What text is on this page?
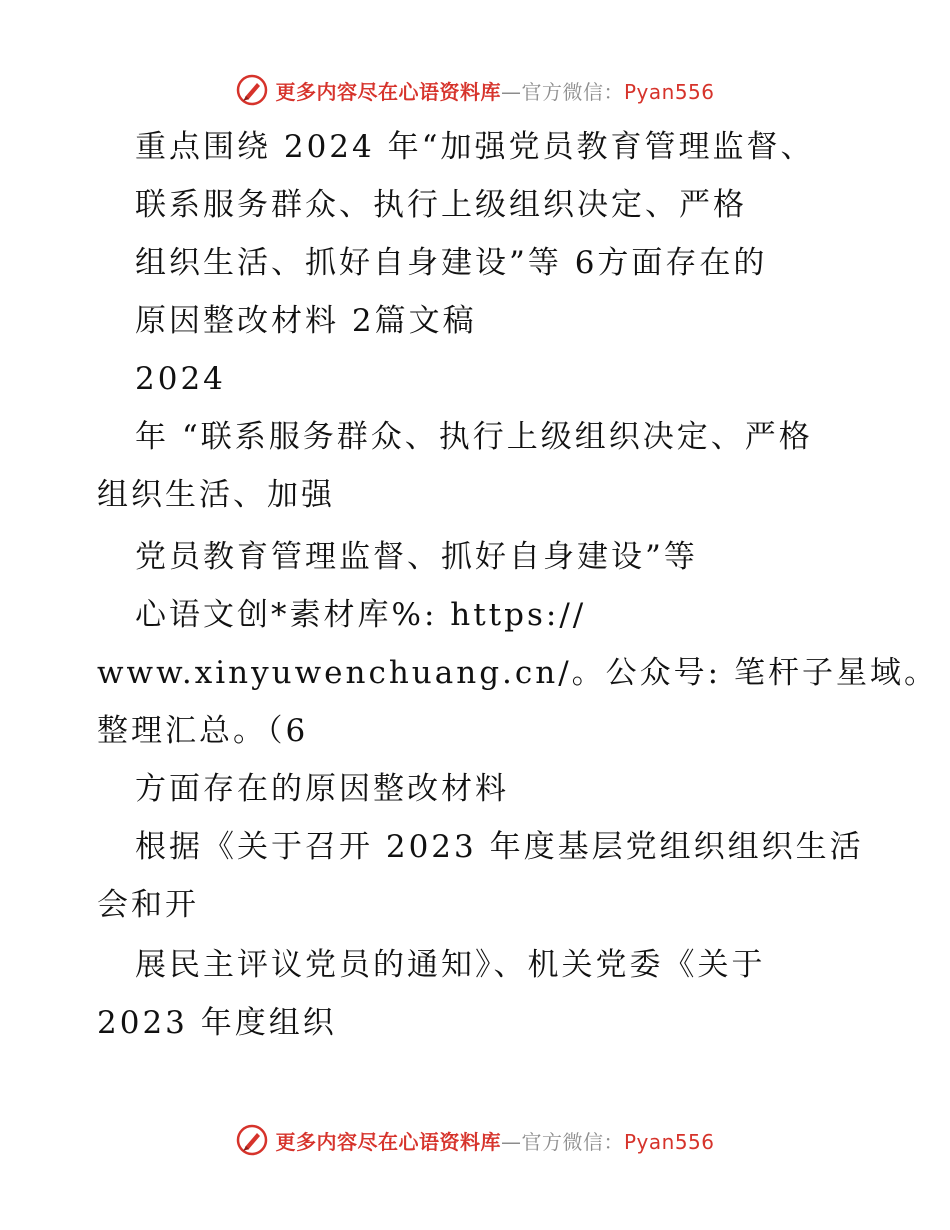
更多内容尽在心语资料库—官方微信：Pyan556
重点围绕 2024 年“加强党员教育管理监督、
联系服务群众、执行上级组织决定、严格
组织生活、抓好自身建设”等 6方面存在的
原因整改材料 2篇文稿
2024
年 “联系服务群众、执行上级组织决定、严格
组织生活、加强
党员教育管理监督、抓好自身建设”等
心语文创*素材库%: https://
www.xinyuwenchuang.cn/。公众号: 笔杆子星域。
整理汇总。（6
方面存在的原因整改材料
根据《关于召开 2023 年度基层党组织组织生活
会和开
展民主评议党员的通知》、机关党委《关于
2023 年度组织
更多内容尽在心语资料库—官方微信：Pyan556
